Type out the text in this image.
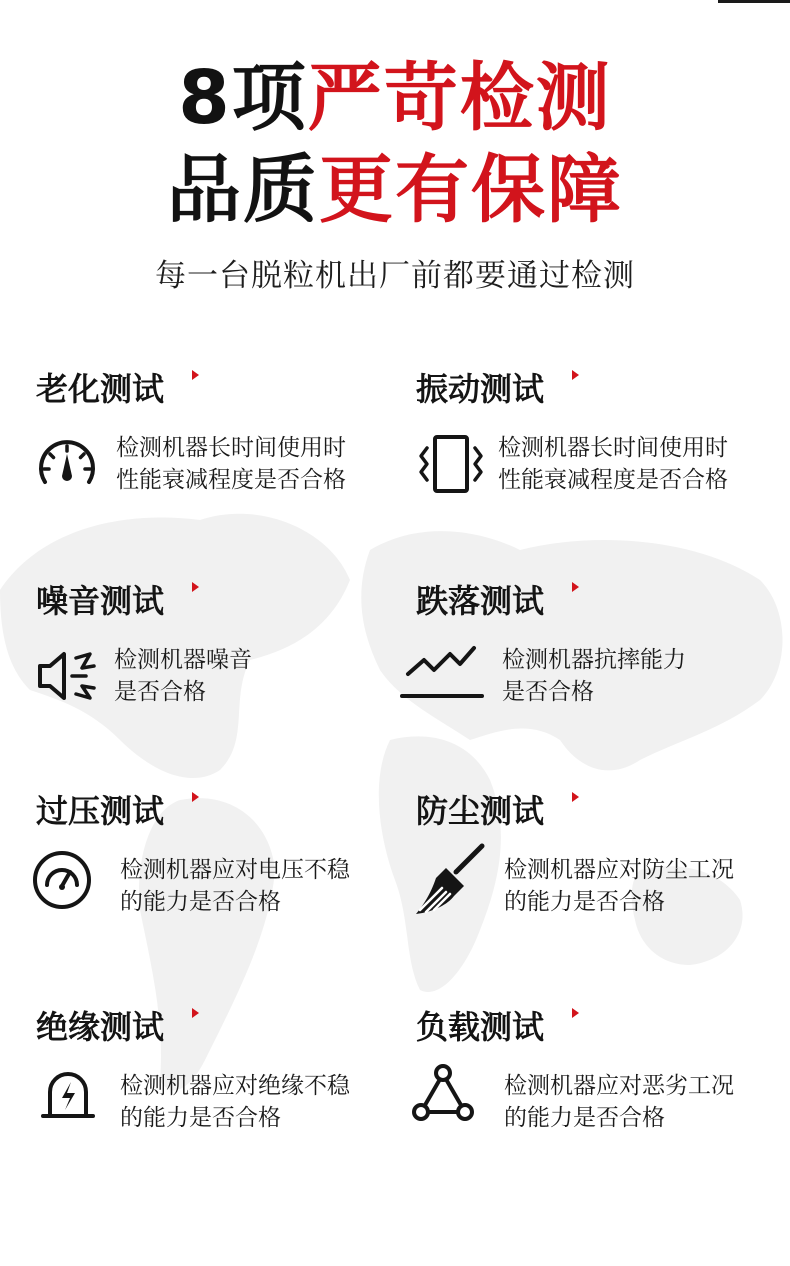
8项严苛检测
品质更有保障
每一台脱粒机出厂前都要通过检测
老化测试
检测机器长时间使用时
性能衰减程度是否合格
振动测试
检测机器长时间使用时
性能衰减程度是否合格
噪音测试
检测机器噪音
是否合格
跌落测试
检测机器抗摔能力
是否合格
过压测试
检测机器应对电压不稳
的能力是否合格
防尘测试
检测机器应对防尘工况
的能力是否合格
绝缘测试
检测机器应对绝缘不稳
的能力是否合格
负载测试
检测机器应对恶劣工况
的能力是否合格
